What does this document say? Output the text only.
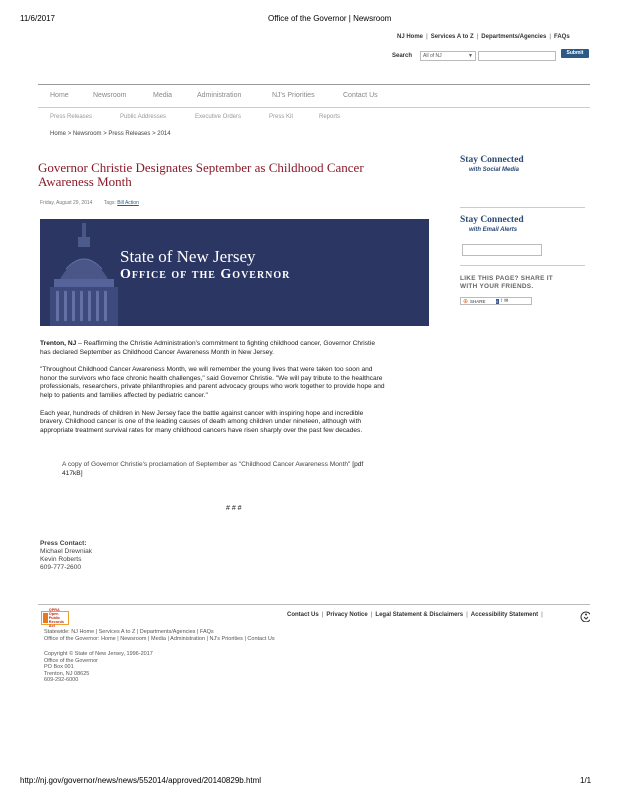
11/6/2017	Office of the Governor | Newsroom
NJ Home | Services A to Z | Departments/Agencies | FAQs
Search All of NJ	▼	Submit
Home	Newsroom	Media	Administration	NJ's Priorities	Contact Us
Press Releases	Public Addresses	Executive Orders	Press Kit	Reports
Home > Newsroom > Press Releases > 2014
Governor Christie Designates September as Childhood Cancer
Awareness Month
Friday, August 29, 2014 Tags: Bill Action
State of New Jersey
Office of the Governor

Trenton, NJ – Reaffirming the Christie Administration's commitment to fighting childhood cancer, Governor Christie
has declared September as Childhood Cancer Awareness Month in New Jersey.

"Throughout Childhood Cancer Awareness Month, we will remember the young lives that were taken too soon and
honor the survivors who face chronic health challenges," said Governor Christie. "We will pay tribute to the healthcare
professionals, researchers, private philanthropies and parent advocacy groups who work together to provide hope and
help to patients and families affected by pediatric cancer."

Each year, hundreds of children in New Jersey face the battle against cancer with inspiring hope and incredible
bravery. Childhood cancer is one of the leading causes of death among children under nineteen, although with
appropriate treatment survival rates for many childhood cancers have risen sharply over the past few decades.

A copy of Governor Christie's proclamation of September as "Childhood Cancer Awareness Month" [pdf
417kB]
# # #
Press Contact:
Michael Drewniak
Kevin Roberts
609-777-2600
Stay Connected
with Social Media
Stay Connected
with Email Alerts
LIKE THIS PAGE? SHARE IT
WITH YOUR FRIENDS.
⊕ SHARE	f t ✉
OPRA Open
Public Records Act
Contact Us | Privacy Notice | Legal Statement & Disclaimers | Accessibility Statement |
Statewide: NJ Home | Services A to Z | Departments/Agencies | FAQs
Office of the Governor: Home | Newsroom | Media | Administration | NJ's Priorities | Contact Us
Copyright © State of New Jersey, 1996-2017
Office of the Governor
PO Box 001
Trenton, NJ 08625
609-292-6000
http://nj.gov/governor/news/news/552014/approved/20140829b.html	1/1
